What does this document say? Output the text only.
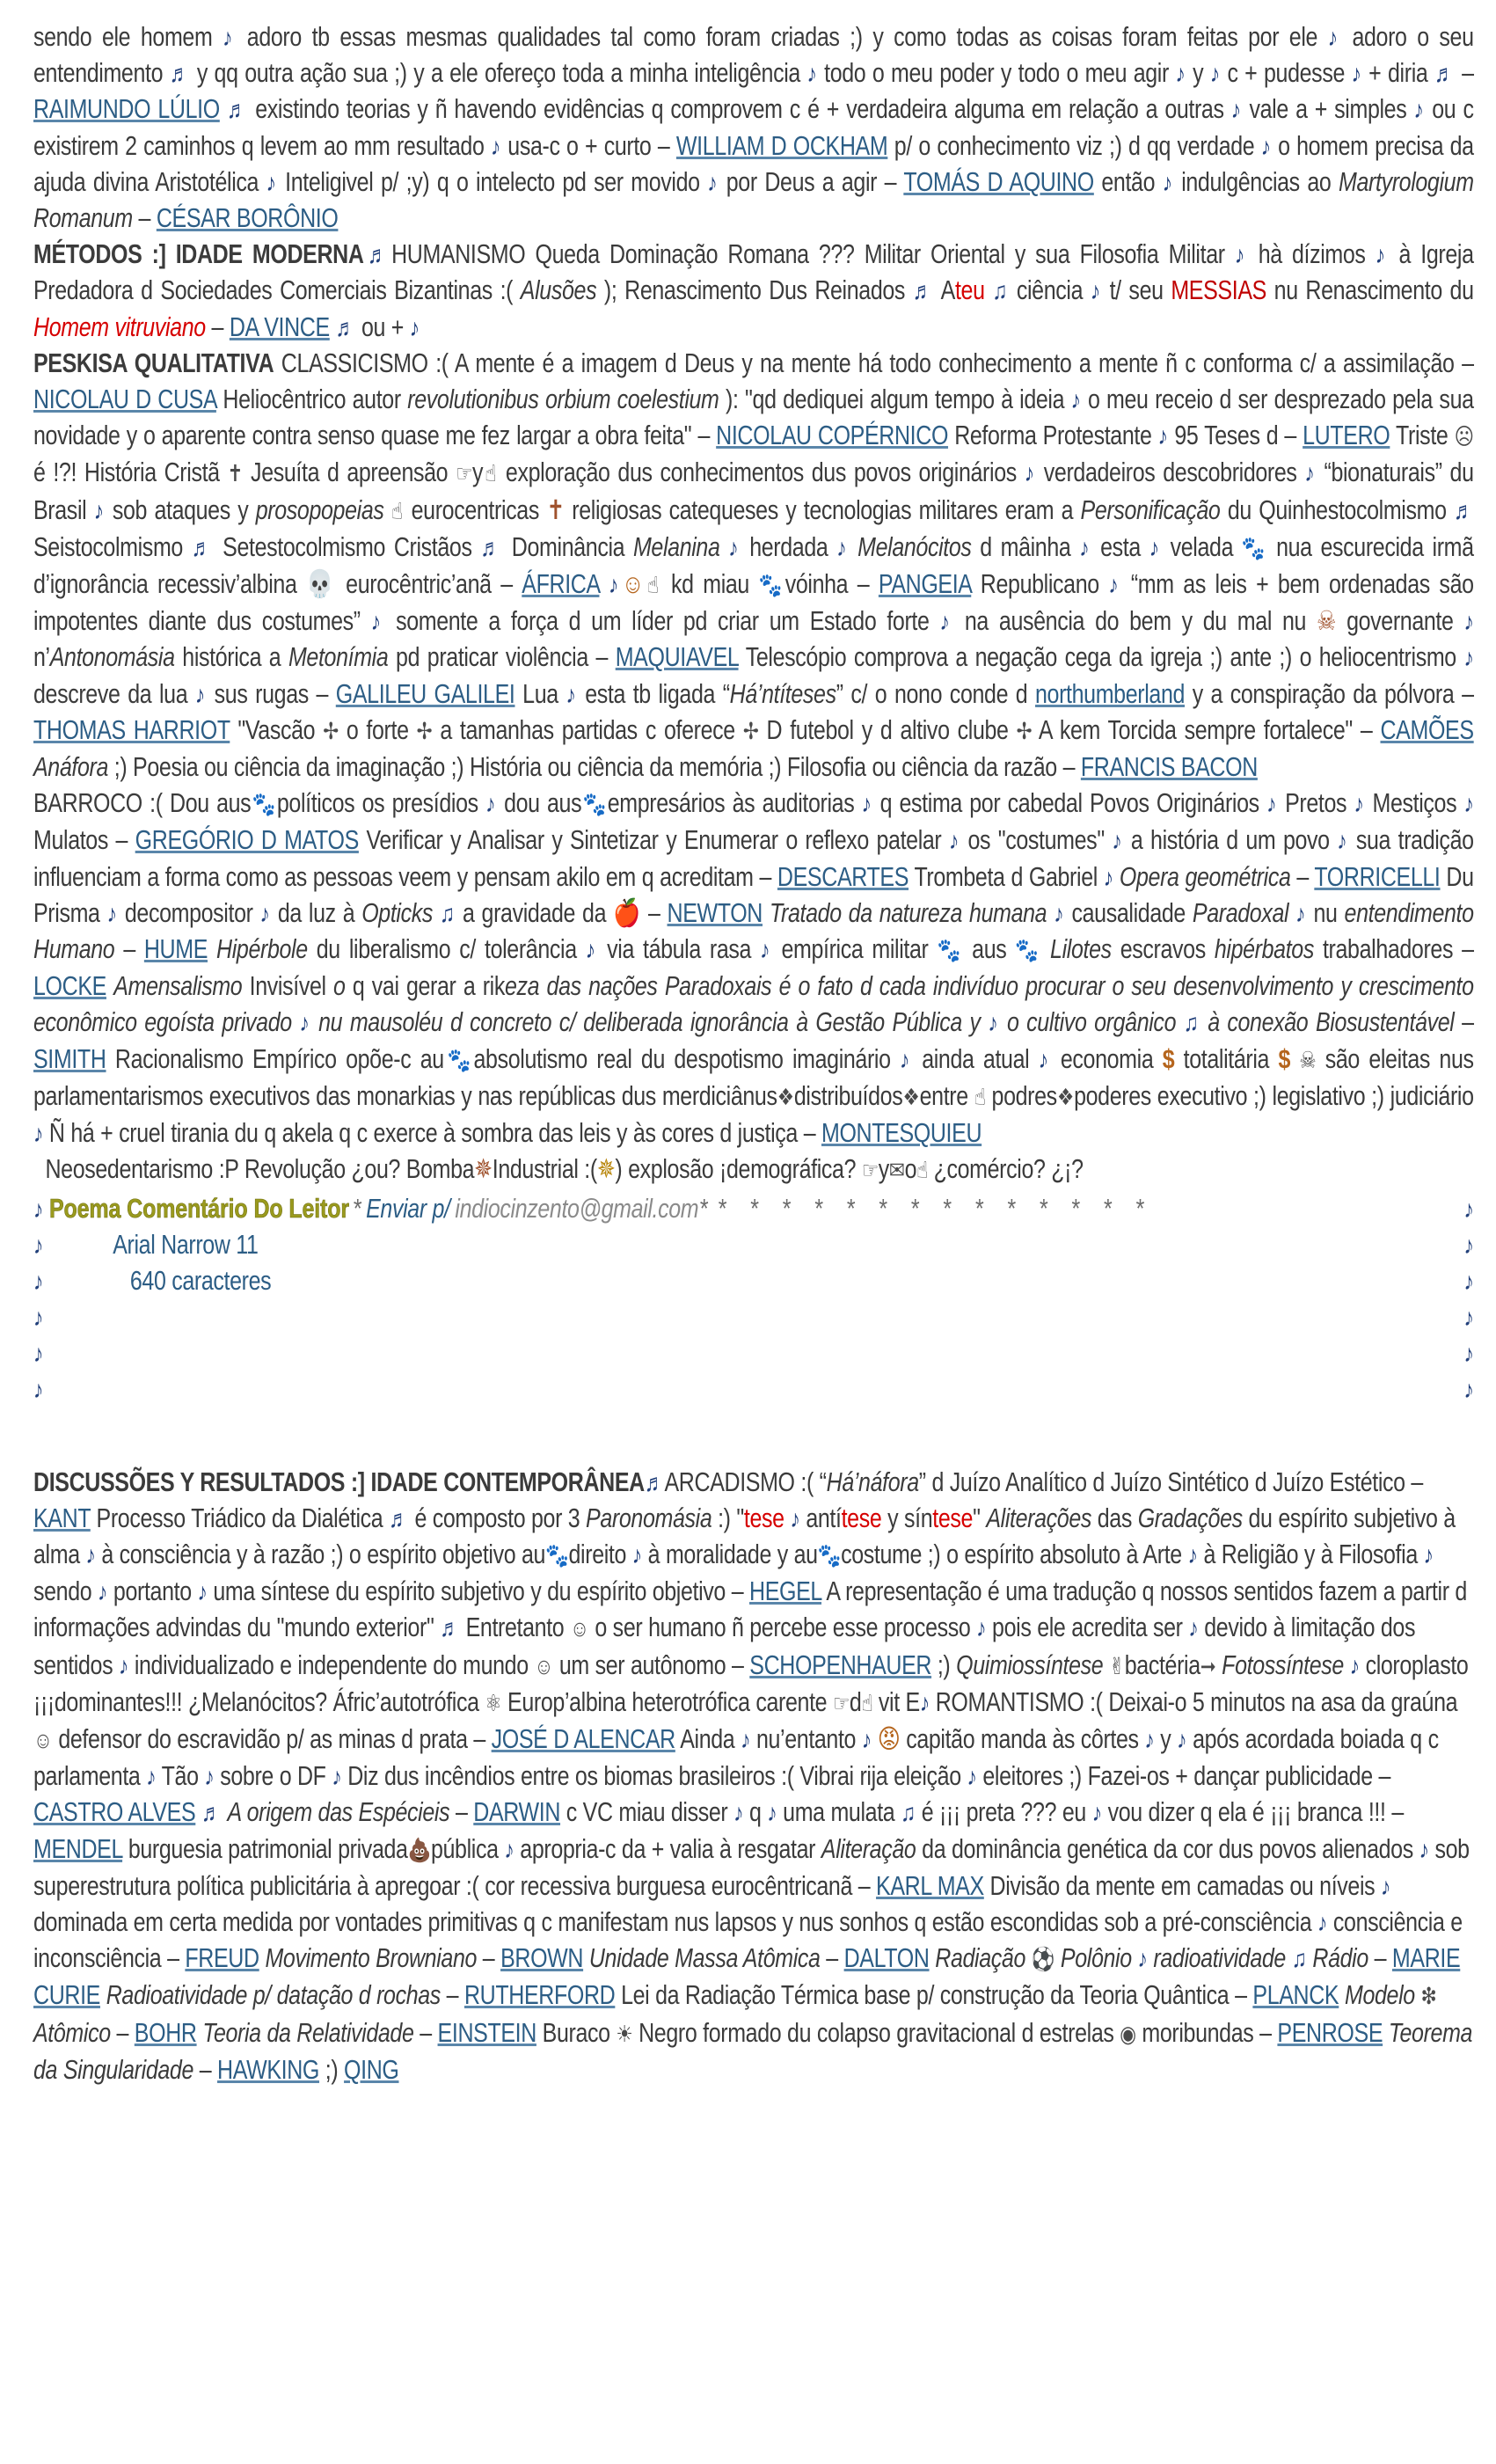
sendo ele homem ♪ adoro tb essas mesmas qualidades tal como foram criadas ;) y como todas as coisas foram feitas por ele ♪ adoro o seu entendimento ♬ y qq outra ação sua ;) y a ele ofereço toda a minha inteligência ♪ todo o meu poder y todo o meu agir ♪ y ♪ c + pudesse ♪ + diria ♬ – RAIMUNDO LÚLIO ♬ existindo teorias y ñ havendo evidências q comprovem c é + verdadeira alguma em relação a outras ♪ vale a + simples ♪ ou c existirem 2 caminhos q levem ao mm resultado ♪ usa-c o + curto – WILLIAM D OCKHAM p/ o conhecimento viz ;) d qq verdade ♪ o homem precisa da ajuda divina Aristotélica ♪ Inteligivel p/ ;y) q o intelecto pd ser movido ♪ por Deus a agir – TOMÁS D AQUINO então ♪ indulgências ao Martyrologium Romanum – CÉSAR BORÔNIO

MÉTODOS :] IDADE MODERNA♬HUMANISMO Queda Dominação Romana ??? Militar Oriental y sua Filosofia Militar ♪ hà dízimos ♪ à Igreja Predadora d Sociedades Comerciais Bizantinas :( Alusões ); Renascimento Dus Reinados ♬ Ateu ♫ ciência ♪ t/ seu MESSIAS nu Renascimento du Homem vitruviano – DA VINCE ♬ ou + ♪

PESKISA QUALITATIVA CLASSICISMO :( A mente é a imagem d Deus y na mente há todo conhecimento a mente ñ c conforma c/ a assimilação – NICOLAU D CUSA Heliocêntrico autor revolutionibus orbium coelestium ): "qd dediquei algum tempo à ideia ♪ o meu receio d ser desprezado pela sua novidade y o aparente contra senso quase me fez largar a obra feita" – NICOLAU COPÉRNICO Reforma Protestante ♪ 95 Teses d – LUTERO Triste ☹ é !?! História Cristã ✝ Jesuíta d apreensão ☞y☝ exploração dus conhecimentos dus povos originários ♪ verdadeiros descobridores ♪ “bionaturais” du Brasil ♪ sob ataques y prosopopeias ☝ eurocentricas ✝ religiosas catequeses y tecnologias militares eram a Personificação du Quinhestocolmismo ♬ Seistocolmismo ♬ Setestocolmismo Cristãos ♬ Dominância Melanina ♪ herdada ♪ Melanócitos d mâinha ♪ esta ♪ velada 🐾 nua escurecida irmã d’ignorância recessiv’albina 💀 eurocêntric’anã – ÁFRICA ♪☺☝ kd miau 🐾vóinha – PANGEIA Republicano ♪ “mm as leis + bem ordenadas são impotentes diante dus costumes” ♪ somente a força d um líder pd criar um Estado forte ♪ na ausência do bem y du mal nu ☠ governante ♪ n’Antonomásia histórica a Metonímia pd praticar violência – MAQUIAVEL Telescópio comprova a negação cega da igreja ;) ante ;) o heliocentrismo ♪ descreve da lua ♪ sus rugas – GALILEU GALILEI Lua ♪ esta tb ligada “Há’ntíteses” c/ o nono conde d northumberland y a conspiração da pólvora – THOMAS HARRIOT "Vascão ✢ o forte ✢ a tamanhas partidas c oferece ✢ D futebol y d altivo clube ✢ A kem Torcida sempre fortalece" – CAMÕES Anáfora ;) Poesia ou ciência da imaginação ;) História ou ciência da memória ;) Filosofia ou ciência da razão – FRANCIS BACON

BARROCO :( Dou aus🐾políticos os presídios ♪ dou aus🐾empresários às auditorias ♪ q estima por cabedal Povos Originários ♪ Pretos ♪ Mestiços ♪ Mulatos – GREGÓRIO D MATOS Verificar y Analisar y Sintetizar y Enumerar o reflexo patelar ♪ os "costumes" ♪ a história d um povo ♪ sua tradição influenciam a forma como as pessoas veem y pensam akilo em q acreditam – DESCARTES Trombeta d Gabriel ♪ Opera geométrica – TORRICELLI Du Prisma ♪ decompositor ♪ da luz à Opticks ♫ a gravidade da 🍎 – NEWTON Tratado da natureza humana ♪ causalidade Paradoxal ♪ nu entendimento Humano – HUME Hipérbole du liberalismo c/ tolerância ♪ via tábula rasa ♪ empírica militar 🐾 aus 🐾 Lilotes escravos hipérbatos trabalhadores – LOCKE Amensalismo Invisível o q vai gerar a rikeza das nações Paradoxais é o fato d cada indivíduo procurar o seu desenvolvimento y crescimento econômico egoísta privado ♪ nu mausoléu d concreto c/ deliberada ignorância à Gestão Pública y ♪ o cultivo orgânico ♫ à conexão Biosustentável – SIMITH Racionalismo Empírico opõe-c au🐾absolutismo real du despotismo imaginário ♪ ainda atual ♪ economia $ totalitária $ ☠ são eleitas nus parlamentarismos executivos das monarkias y nas repúblicas dus merdiciânus❖distribuídos❖entre ☝ podres❖poderes executivo ;) legislativo ;) judiciário ♪ Ñ há + cruel tirania du q akela q c exerce à sombra das leis y às cores d justiça – MONTESQUIEU

Neosedentarismo :P Revolução ¿ou? Bomba✵Industrial :(✵) explosão ¡demográfica? ☞y✉o☝ ¿comércio? ¿¡?

♪ Poema Comentário Do Leitor * Enviar p/ indiocinzento@gmail.com * * * * * * * * * * * * * * *	♪
♪	Arial Narrow 11	♪
♪	640 caracteres	♪
♪	♪
♪	♪
♪	♪

DISCUSSÕES Y RESULTADOS :] IDADE CONTEMPORÂNEA♬ARCADISMO :( “Há’náfora” d Juízo Analítico d Juízo Sintético d Juízo Estético – KANT Processo Triádico da Dialética ♬ é composto por 3 Paronomásia :) "tese ♪ antítese y síntese" Aliterações das Gradações du espírito subjetivo à alma ♪ à consciência y à razão ;) o espírito objetivo au🐾direito ♪ à moralidade y au🐾costume ;) o espírito absoluto à Arte ♪ à Religião y à Filosofia ♪ sendo ♪ portanto ♪ uma síntese du espírito subjetivo y du espírito objetivo – HEGEL A representação é uma tradução q nossos sentidos fazem a partir d informações advindas du "mundo exterior" ♬ Entretanto ☺ o ser humano ñ percebe esse processo ♪ pois ele acredita ser ♪ devido à limitação dos sentidos ♪ individualizado e independente do mundo ☺ um ser autônomo – SCHOPENHAUER ;) Quimiossíntese ✌bactéria➞ Fotossíntese ♪ cloroplasto ¡¡¡dominantes!!! ¿Melanócitos? Áfric’autotrófica ⚛ Europ’albina heterotrófica carente ☞d☝ vit E♪ ROMANTISMO :( Deixai-o 5 minutos na asa da graúna ☺ defensor do escravidão p/ as minas d prata – JOSÉ D ALENCAR Ainda ♪ nu’entanto ♪ 😡 capitão manda às côrtes ♪ y ♪ após acordada boiada q c parlamenta ♪ Tão ♪ sobre o DF ♪ Diz dus incêndios entre os biomas brasileiros :( Vibrai rija eleição ♪ eleitores ;) Fazei-os + dançar publicidade – CASTRO ALVES ♬ A origem das Espécieis – DARWIN c VC miau disser ♪ q ♪ uma mulata ♫ é ¡¡¡ preta ??? eu ♪ vou dizer q ela é ¡¡¡ branca !!! – MENDEL burguesia patrimonial privada💩pública ♪ apropria-c da + valia à resgatar Aliteração da dominância genética da cor dus povos alienados ♪ sob superestrutura política publicitária à apregoar :( cor recessiva burguesa eurocêntricanã – KARL MAX Divisão da mente em camadas ou níveis ♪ dominada em certa medida por vontades primitivas q c manifestam nus lapsos y nus sonhos q estão escondidas sob a pré-consciência ♪ consciência e inconsciência – FREUD Movimento Browniano – BROWN Unidade Massa Atômica – DALTON Radiação ⚽ Polônio ♪ radioatividade ♫ Rádio – MARIE CURIE Radioatividade p/ datação d rochas – RUTHERFORD Lei da Radiação Térmica base p/ construção da Teoria Quântica – PLANCK Modelo ❇ Atômico – BOHR Teoria da Relatividade – EINSTEIN Buraco ☀ Negro formado du colapso gravitacional d estrelas ◉ moribundas – PENROSE Teorema da Singularidade – HAWKING ;) QING
